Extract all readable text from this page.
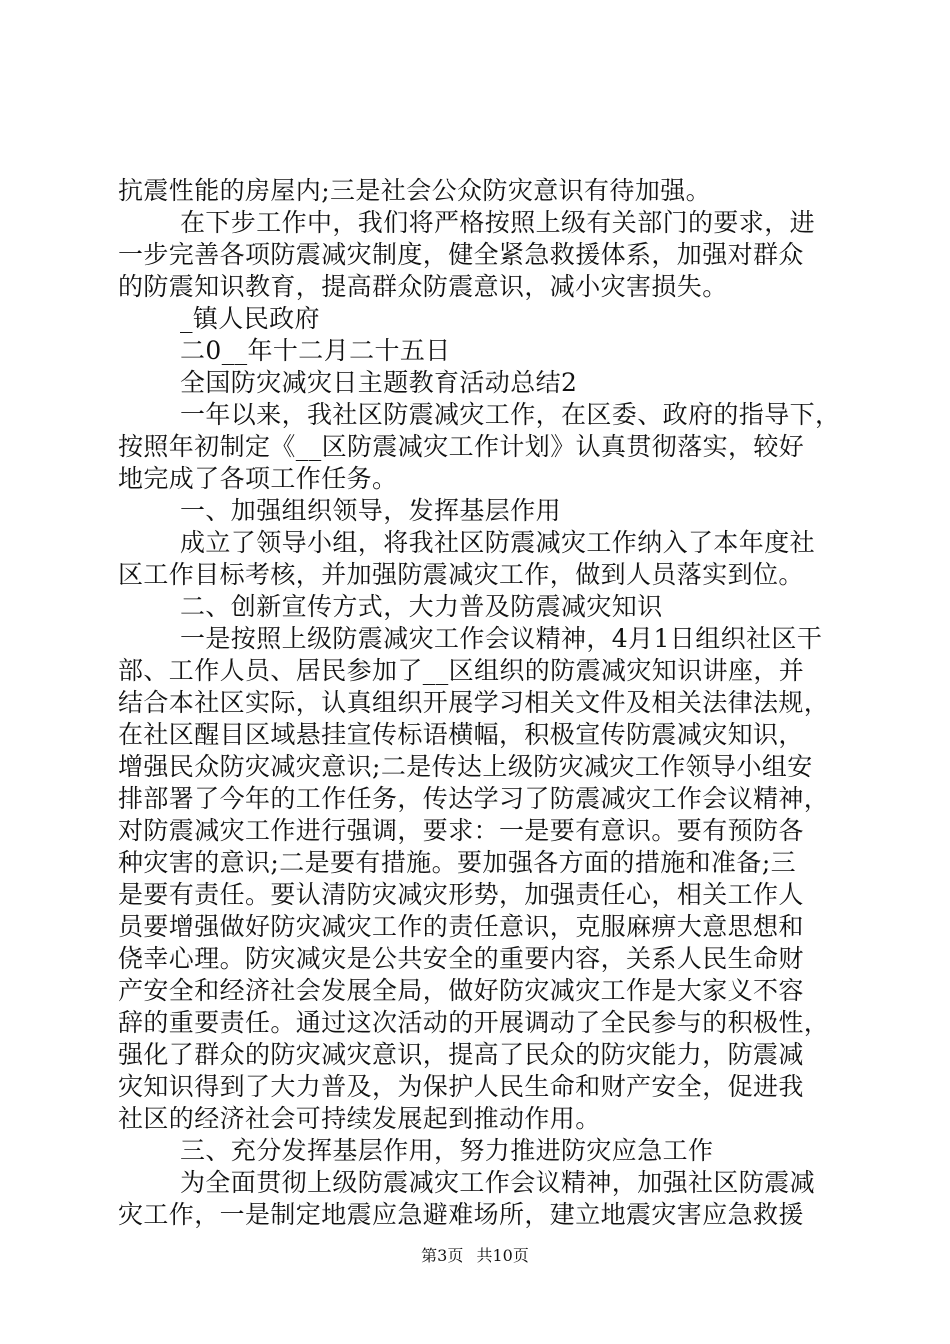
抗震性能的房屋内;三是社会公众防灾意识有待加强。
在下步工作中，我们将严格按照上级有关部门的要求，进
一步完善各项防震减灾制度，健全紧急救援体系，加强对群众
的防震知识教育，提高群众防震意识，减小灾害损失。
_镇人民政府
二0__年十二月二十五日
全国防灾减灾日主题教育活动总结2
一年以来，我社区防震减灾工作，在区委、政府的指导下，
按照年初制定《__区防震减灾工作计划》认真贯彻落实，较好
地完成了各项工作任务。
一、加强组织领导，发挥基层作用
成立了领导小组，将我社区防震减灾工作纳入了本年度社
区工作目标考核，并加强防震减灾工作，做到人员落实到位。
二、创新宣传方式，大力普及防震减灾知识
一是按照上级防震减灾工作会议精神，4月1日组织社区干
部、工作人员、居民参加了__区组织的防震减灾知识讲座，并
结合本社区实际，认真组织开展学习相关文件及相关法律法规，
在社区醒目区域悬挂宣传标语横幅，积极宣传防震减灾知识，
增强民众防灾减灾意识;二是传达上级防灾减灾工作领导小组安
排部署了今年的工作任务，传达学习了防震减灾工作会议精神，
对防震减灾工作进行强调，要求：一是要有意识。要有预防各
种灾害的意识;二是要有措施。要加强各方面的措施和准备;三
是要有责任。要认清防灾减灾形势，加强责任心，相关工作人
员要增强做好防灾减灾工作的责任意识，克服麻痹大意思想和
侥幸心理。防灾减灾是公共安全的重要内容，关系人民生命财
产安全和经济社会发展全局，做好防灾减灾工作是大家义不容
辞的重要责任。通过这次活动的开展调动了全民参与的积极性，
强化了群众的防灾减灾意识，提高了民众的防灾能力，防震减
灾知识得到了大力普及，为保护人民生命和财产安全，促进我
社区的经济社会可持续发展起到推动作用。
三、充分发挥基层作用，努力推进防灾应急工作
为全面贯彻上级防震减灾工作会议精神，加强社区防震减
灾工作，一是制定地震应急避难场所，建立地震灾害应急救援
第3页 共10页
